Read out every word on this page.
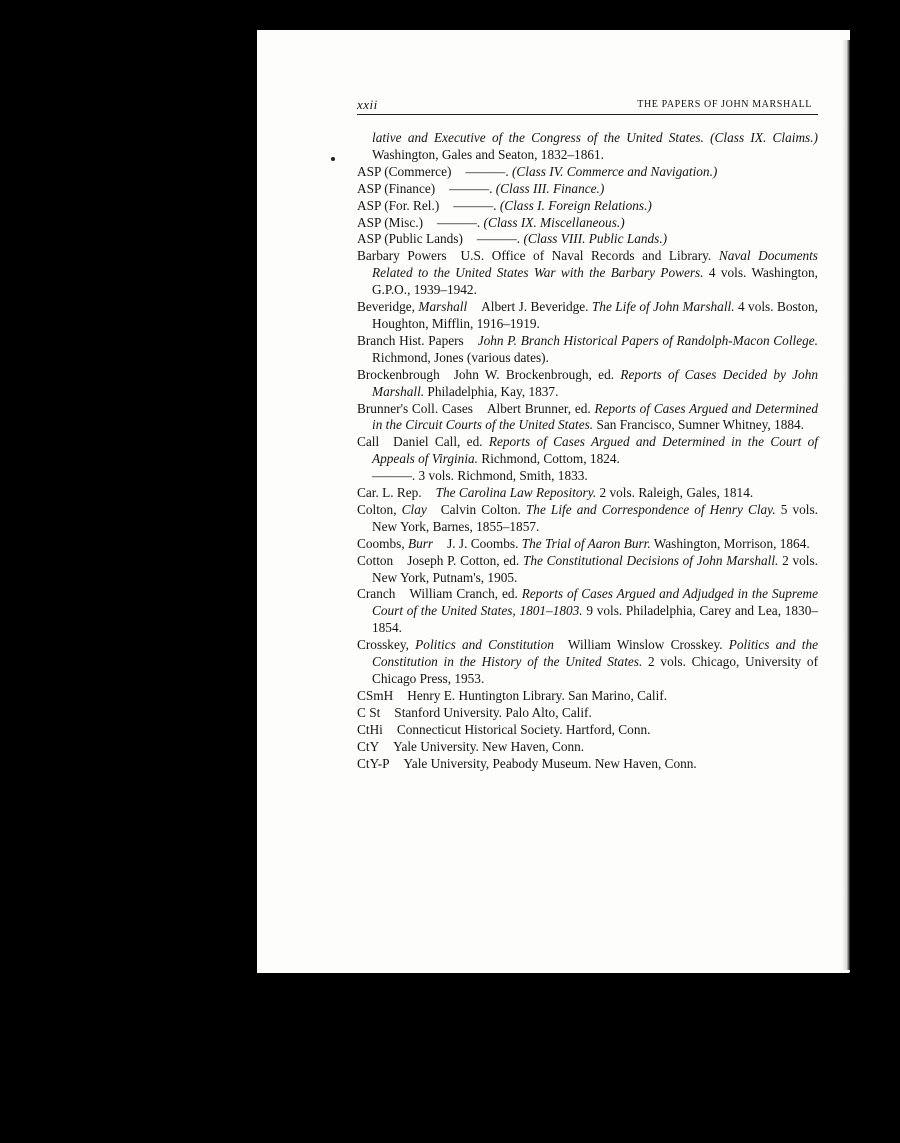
xxii	THE PAPERS OF JOHN MARSHALL

lative and Executive of the Congress of the United States. (Class IX. Claims.) Washington, Gales and Seaton, 1832–1861.

ASP (Commerce) ———. (Class IV. Commerce and Navigation.)

ASP (Finance) ———. (Class III. Finance.)

ASP (For. Rel.) ———. (Class I. Foreign Relations.)

ASP (Misc.) ———. (Class IX. Miscellaneous.)

ASP (Public Lands) ———. (Class VIII. Public Lands.)

Barbary Powers U.S. Office of Naval Records and Library. Naval Documents Related to the United States War with the Barbary Powers. 4 vols. Washington, G.P.O., 1939–1942.

Beveridge, Marshall Albert J. Beveridge. The Life of John Marshall. 4 vols. Boston, Houghton, Mifflin, 1916–1919.

Branch Hist. Papers John P. Branch Historical Papers of Randolph-Macon College. Richmond, Jones (various dates).

Brockenbrough John W. Brockenbrough, ed. Reports of Cases Decided by John Marshall. Philadelphia, Kay, 1837.

Brunner's Coll. Cases Albert Brunner, ed. Reports of Cases Argued and Determined in the Circuit Courts of the United States. San Francisco, Sumner Whitney, 1884.

Call Daniel Call, ed. Reports of Cases Argued and Determined in the Court of Appeals of Virginia. Richmond, Cottom, 1824.

———. 3 vols. Richmond, Smith, 1833.

Car. L. Rep. The Carolina Law Repository. 2 vols. Raleigh, Gales, 1814.

Colton, Clay Calvin Colton. The Life and Correspondence of Henry Clay. 5 vols. New York, Barnes, 1855–1857.

Coombs, Burr J. J. Coombs. The Trial of Aaron Burr. Washington, Morrison, 1864.

Cotton Joseph P. Cotton, ed. The Constitutional Decisions of John Marshall. 2 vols. New York, Putnam's, 1905.

Cranch William Cranch, ed. Reports of Cases Argued and Adjudged in the Supreme Court of the United States, 1801–1803. 9 vols. Philadelphia, Carey and Lea, 1830–1854.

Crosskey, Politics and Constitution William Winslow Crosskey. Politics and the Constitution in the History of the United States. 2 vols. Chicago, University of Chicago Press, 1953.

CSmH Henry E. Huntington Library. San Marino, Calif.

C St Stanford University. Palo Alto, Calif.

CtHi Connecticut Historical Society. Hartford, Conn.

CtY Yale University. New Haven, Conn.

CtY-P Yale University, Peabody Museum. New Haven, Conn.
